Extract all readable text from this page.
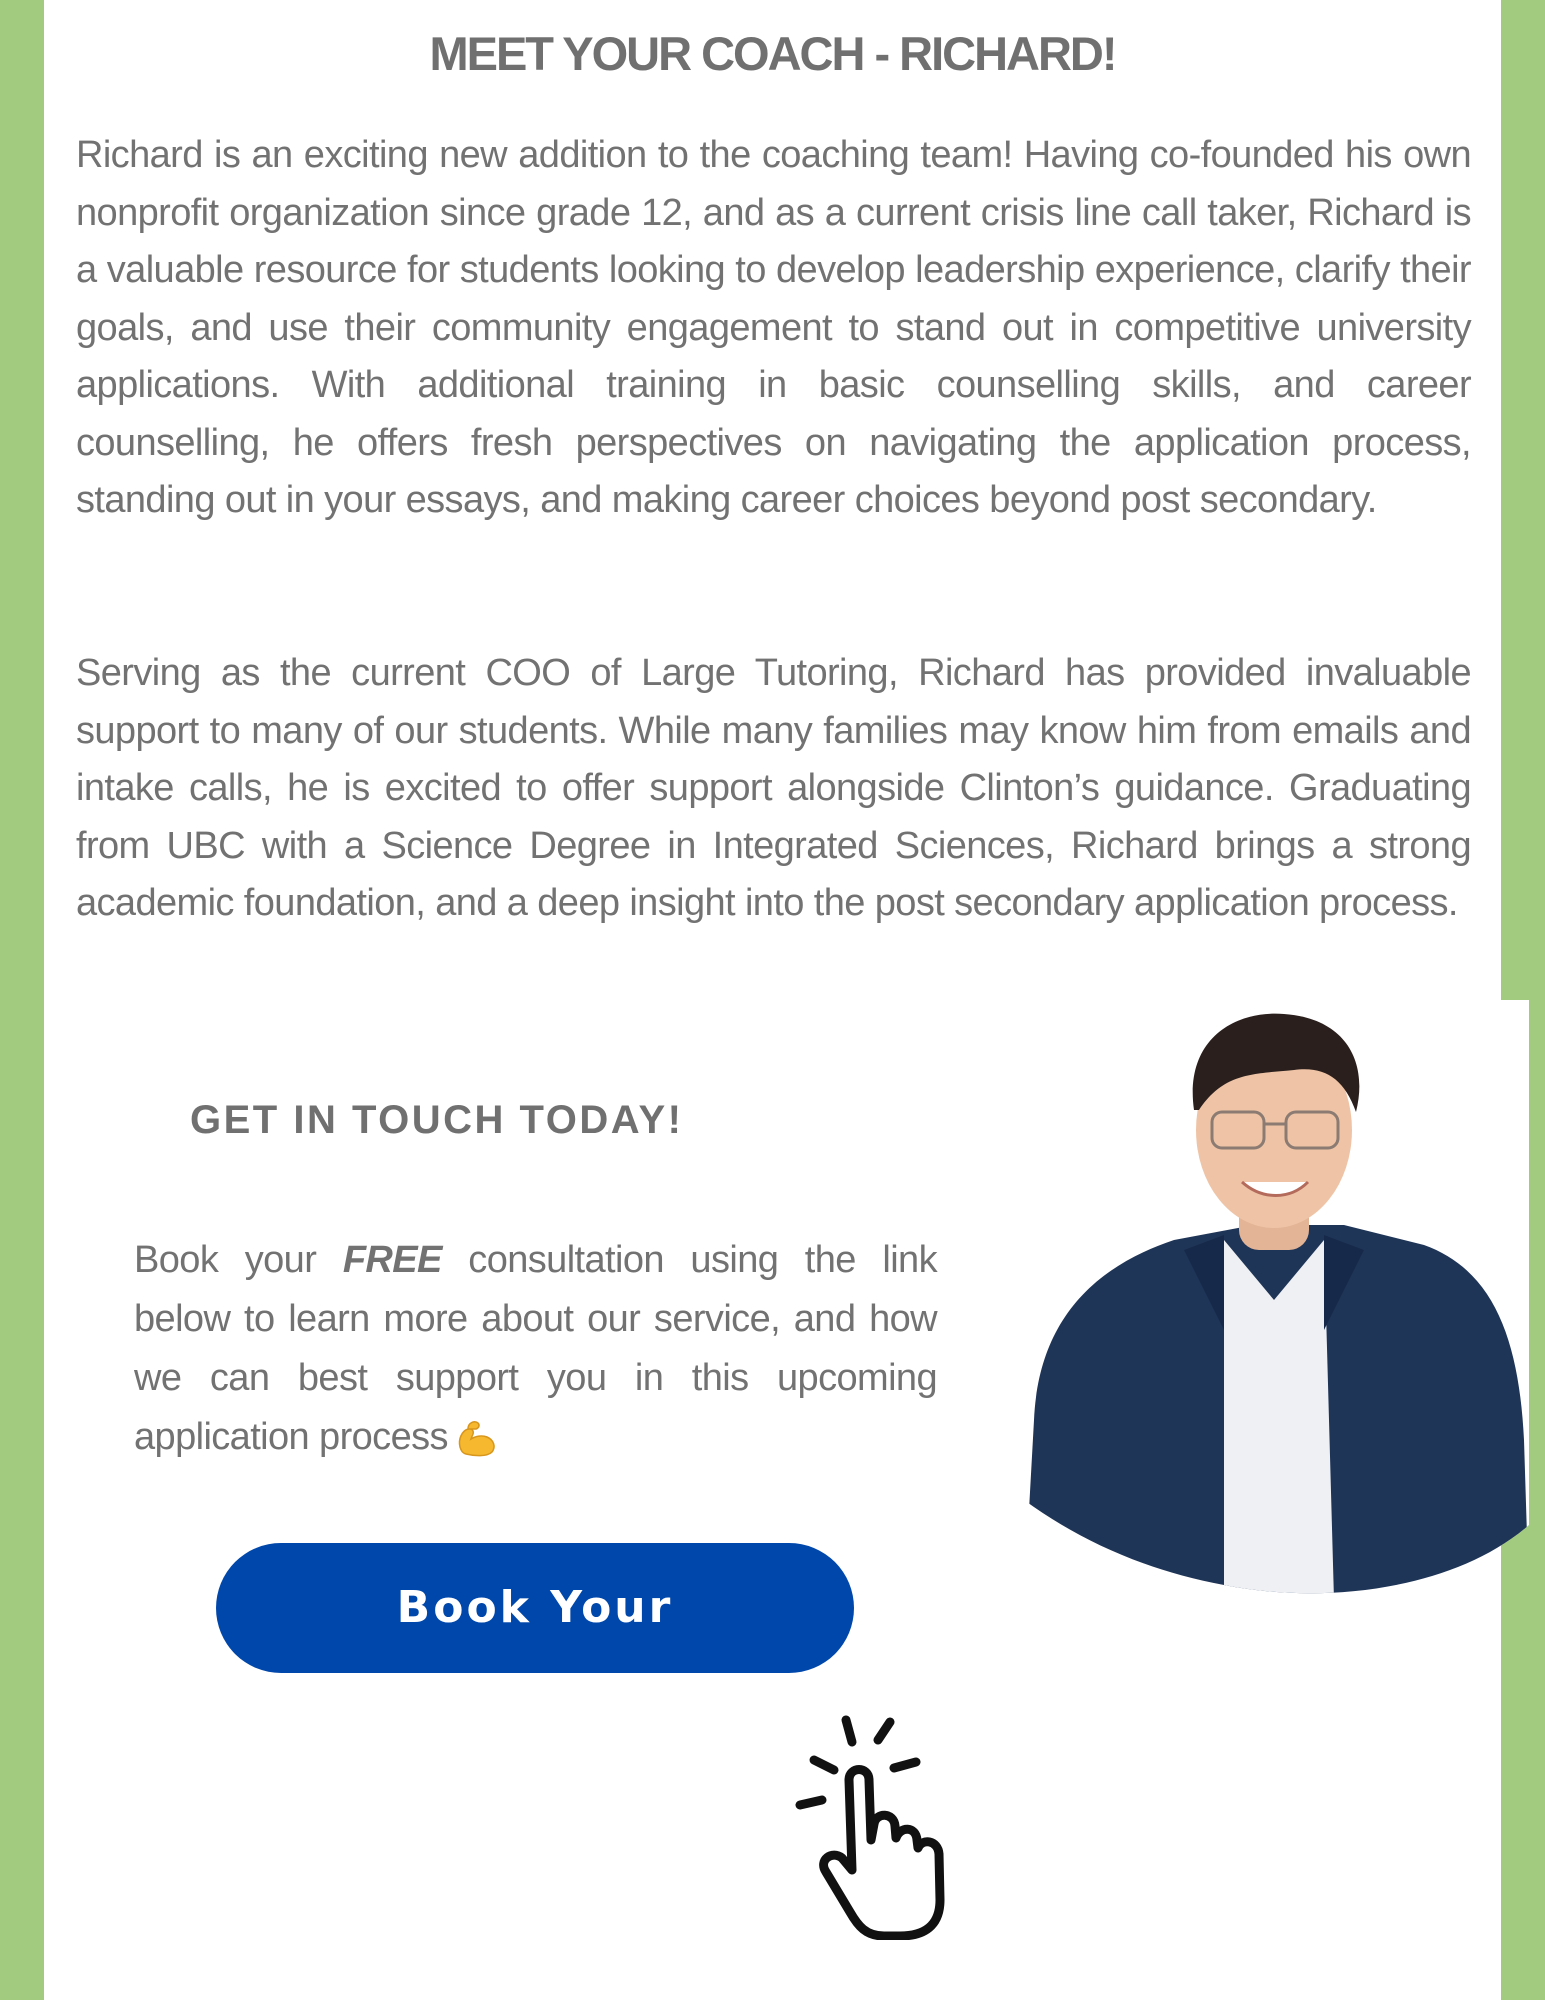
MEET YOUR COACH - RICHARD!

Richard is an exciting new addition to the coaching team! Having co-founded his own nonprofit organization since grade 12, and as a current crisis line call taker, Richard is a valuable resource for students looking to develop leadership experience, clarify their goals, and use their community engagement to stand out in competitive university applications. With additional training in basic counselling skills, and career counselling, he offers fresh perspectives on navigating the application process, standing out in your essays, and making career choices beyond post secondary.

Serving as the current COO of Large Tutoring, Richard has provided invaluable support to many of our students. While many families may know him from emails and intake calls, he is excited to offer support alongside Clinton’s guidance. Graduating from UBC with a Science Degree in Integrated Sciences, Richard brings a strong academic foundation, and a deep insight into the post secondary application process.

GET IN TOUCH TODAY!

Book your FREE consultation using the link below to learn more about our service, and how we can best support you in this upcoming application process

Book Your Consultation
